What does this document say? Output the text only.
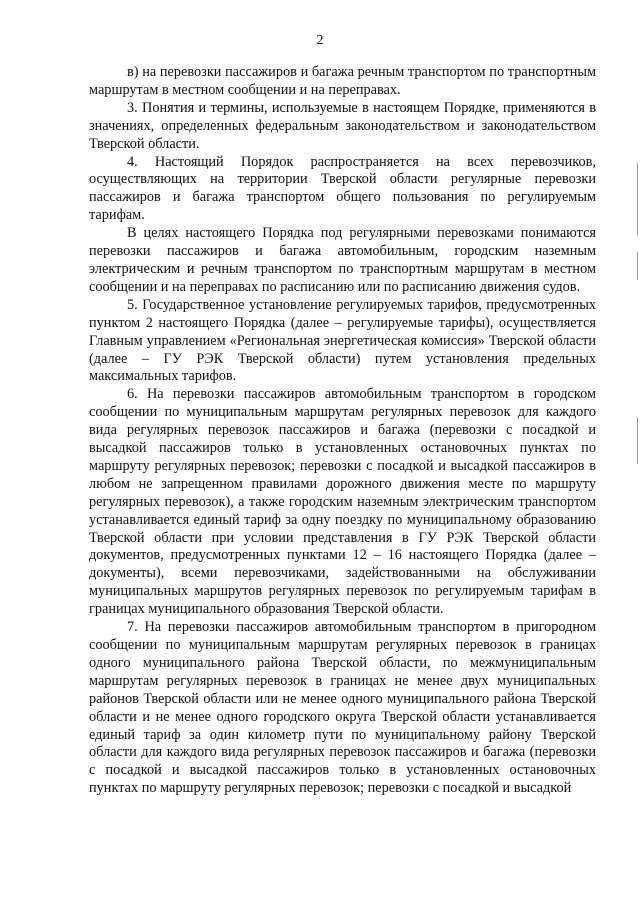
2

в) на перевозки пассажиров и багажа речным транспортом по транспортным маршрутам в местном сообщении и на переправах.

3. Понятия и термины, используемые в настоящем Порядке, применяются в значениях, определенных федеральным законодательством и законодательством Тверской области.

4. Настоящий Порядок распространяется на всех перевозчиков, осуществляющих на территории Тверской области регулярные перевозки пассажиров и багажа транспортом общего пользования по регулируемым тарифам.

В целях настоящего Порядка под регулярными перевозками понимаются перевозки пассажиров и багажа автомобильным, городским наземным электрическим и речным транспортом по транспортным маршрутам в местном сообщении и на переправах по расписанию или по расписанию движения судов.

5. Государственное установление регулируемых тарифов, предусмотренных пунктом 2 настоящего Порядка (далее – регулируемые тарифы), осуществляется Главным управлением «Региональная энергетическая комиссия» Тверской области (далее – ГУ РЭК Тверской области) путем установления предельных максимальных тарифов.

6. На перевозки пассажиров автомобильным транспортом в городском сообщении по муниципальным маршрутам регулярных перевозок для каждого вида регулярных перевозок пассажиров и багажа (перевозки с посадкой и высадкой пассажиров только в установленных остановочных пунктах по маршруту регулярных перевозок; перевозки с посадкой и высадкой пассажиров в любом не запрещенном правилами дорожного движения месте по маршруту регулярных перевозок), а также городским наземным электрическим транспортом устанавливается единый тариф за одну поездку по муниципальному образованию Тверской области при условии представления в ГУ РЭК Тверской области документов, предусмотренных пунктами 12 – 16 настоящего Порядка (далее – документы), всеми перевозчиками, задействованными на обслуживании муниципальных маршрутов регулярных перевозок по регулируемым тарифам в границах муниципального образования Тверской области.

7. На перевозки пассажиров автомобильным транспортом в пригородном сообщении по муниципальным маршрутам регулярных перевозок в границах одного муниципального района Тверской области, по межмуниципальным маршрутам регулярных перевозок в границах не менее двух муниципальных районов Тверской области или не менее одного муниципального района Тверской области и не менее одного городского округа Тверской области устанавливается единый тариф за один километр пути по муниципальному району Тверской области для каждого вида регулярных перевозок пассажиров и багажа (перевозки с посадкой и высадкой пассажиров только в установленных остановочных пунктах по маршруту регулярных перевозок; перевозки с посадкой и высадкой
